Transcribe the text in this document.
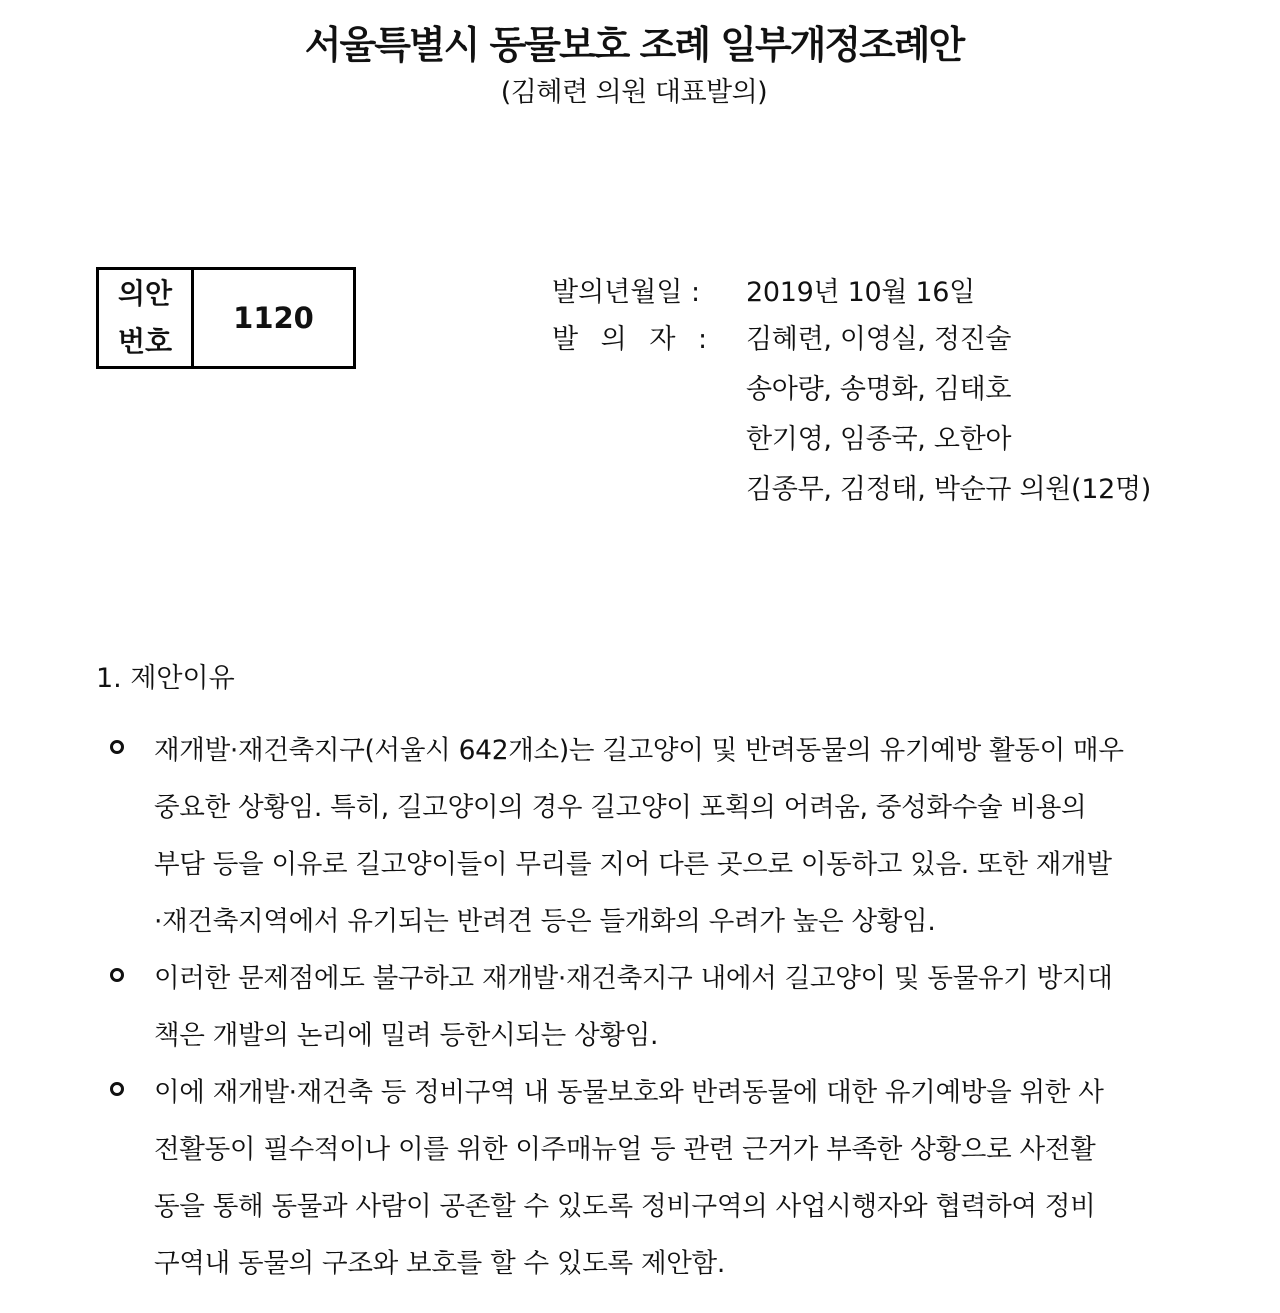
서울특별시 동물보호 조례 일부개정조례안
(김혜련 의원 대표발의)
의안
번호
1120
발의년월일 : 2019년 10월 16일
발 의 자 : 김혜련, 이영실, 정진술
송아량, 송명화, 김태호
한기영, 임종국, 오한아
김종무, 김정태, 박순규 의원(12명)
1. 제안이유
재개발·재건축지구(서울시 642개소)는 길고양이 및 반려동물의 유기예방 활동이 매우
중요한 상황임. 특히, 길고양이의 경우 길고양이 포획의 어려움, 중성화수술 비용의
부담 등을 이유로 길고양이들이 무리를 지어 다른 곳으로 이동하고 있음. 또한 재개발
·재건축지역에서 유기되는 반려견 등은 들개화의 우려가 높은 상황임.
이러한 문제점에도 불구하고 재개발·재건축지구 내에서 길고양이 및 동물유기 방지대
책은 개발의 논리에 밀려 등한시되는 상황임.
이에 재개발·재건축 등 정비구역 내 동물보호와 반려동물에 대한 유기예방을 위한 사
전활동이 필수적이나 이를 위한 이주매뉴얼 등 관련 근거가 부족한 상황으로 사전활
동을 통해 동물과 사람이 공존할 수 있도록 정비구역의 사업시행자와 협력하여 정비
구역내 동물의 구조와 보호를 할 수 있도록 제안함.
